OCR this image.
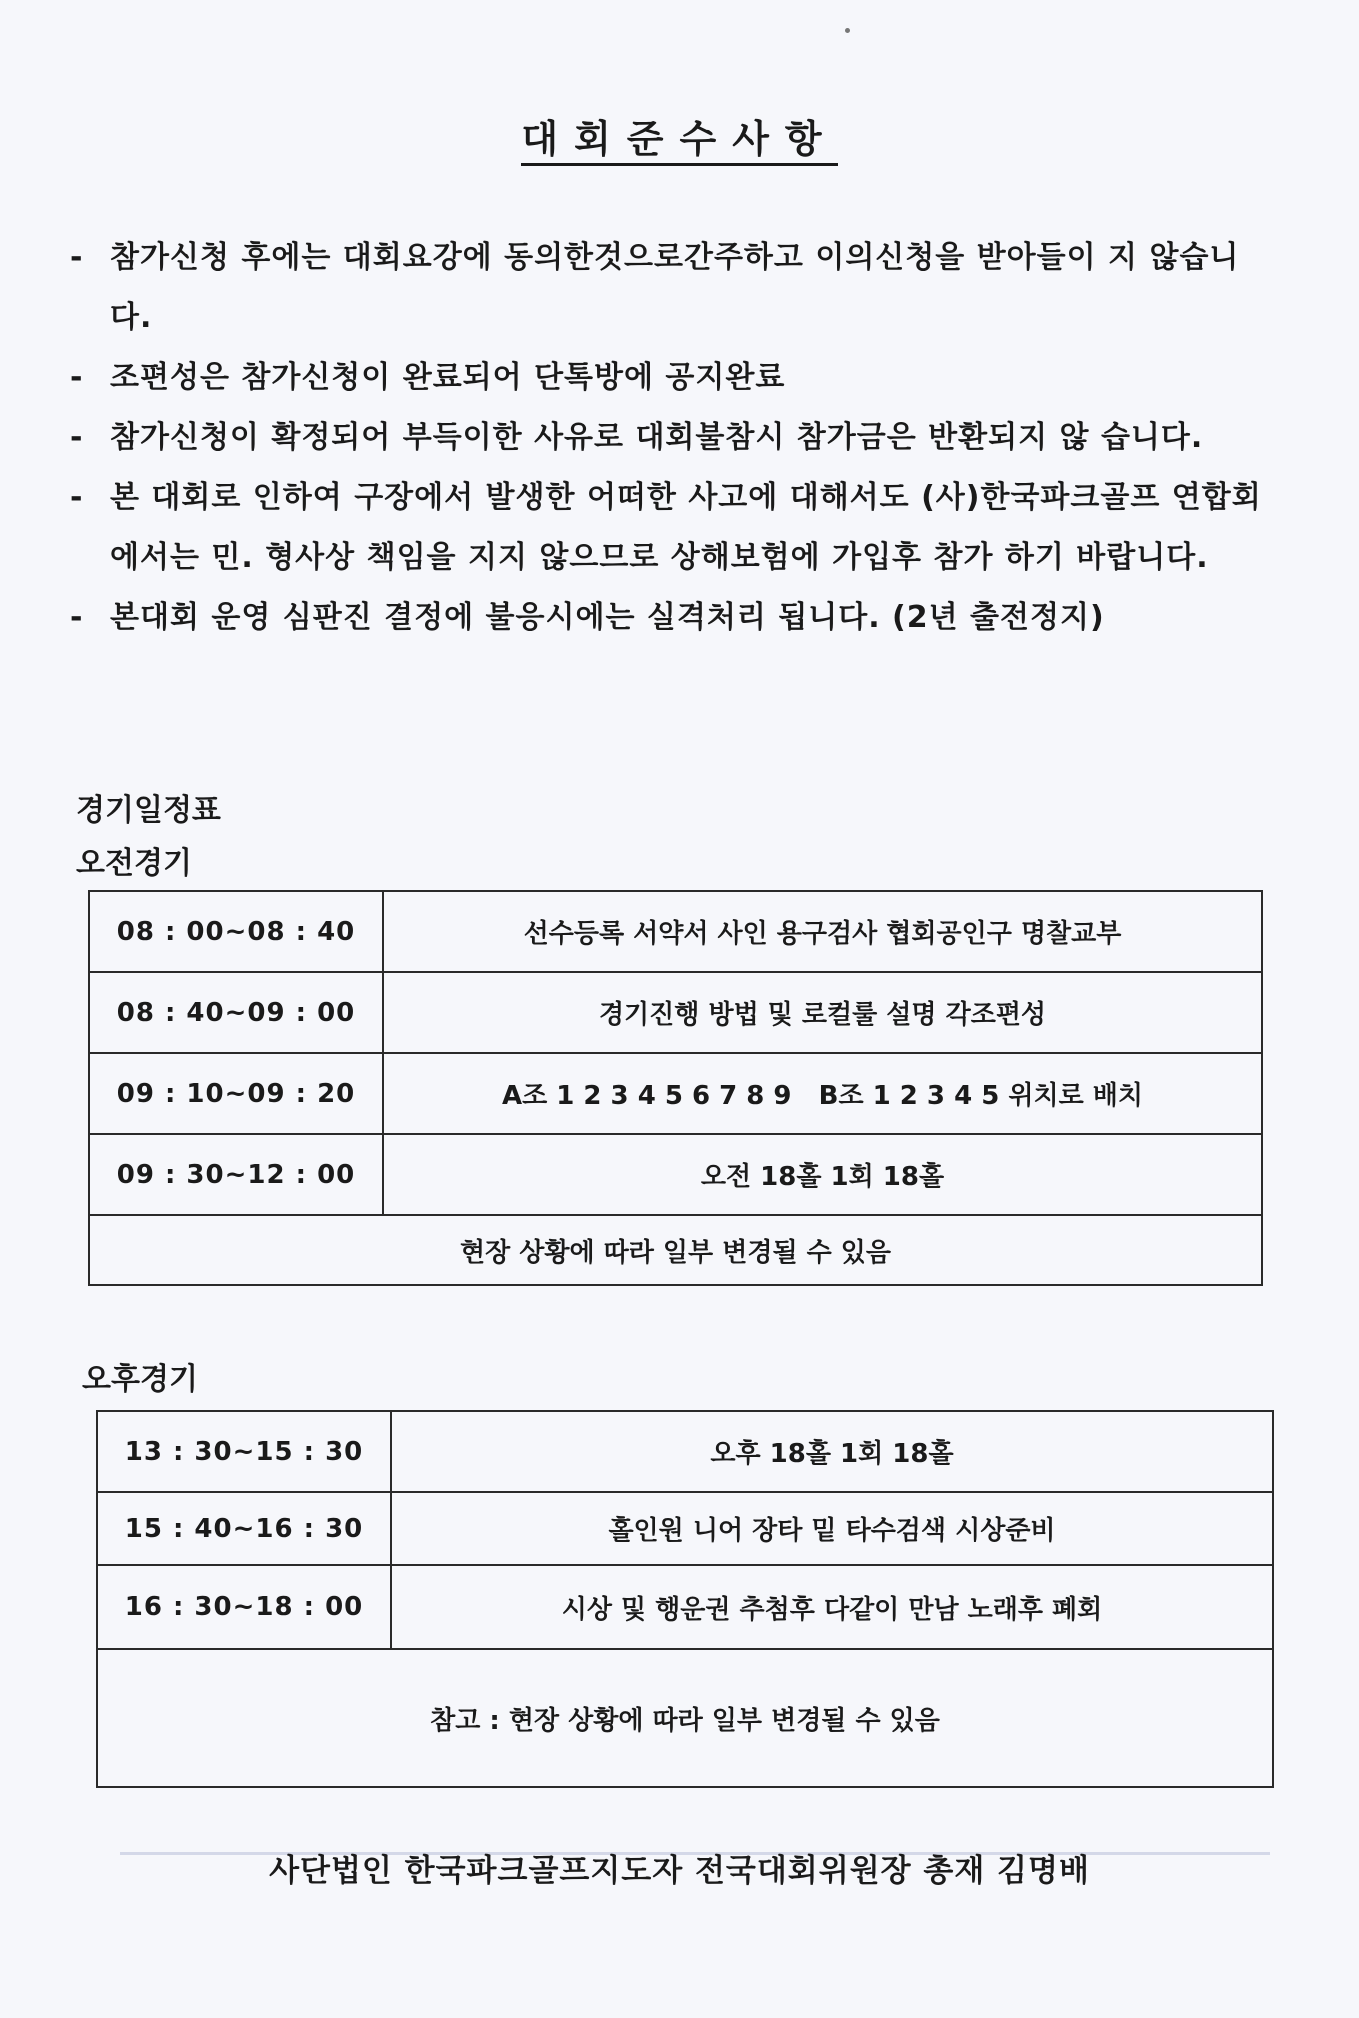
대회준수사항
- 참가신청 후에는 대회요강에 동의한것으로간주하고 이의신청을 받아들이 지 않습니다.
- 조편성은 참가신청이 완료되어 단톡방에 공지완료
- 참가신청이 확정되어 부득이한 사유로 대회불참시 참가금은 반환되지 않 습니다.
- 본 대회로 인하여 구장에서 발생한 어떠한 사고에 대해서도 (사)한국파크골프 연합회에서는 민. 형사상 책임을 지지 않으므로 상해보험에 가입후 참가 하기 바랍니다.
- 본대회 운영 심판진 결정에 불응시에는 실격처리 됩니다. (2년 출전정지)
경기일정표
오전경기
08 : 00~08 : 40	선수등록 서약서 사인 용구검사 협회공인구 명찰교부
08 : 40~09 : 00	경기진행 방법 및 로컬룰 설명 각조편성
09 : 10~09 : 20	A조 1 2 3 4 5 6 7 8 9   B조 1 2 3 4 5 위치로 배치
09 : 30~12 : 00	오전 18홀 1회 18홀
현장 상황에 따라 일부 변경될 수 있음	
오후경기
13 : 30~15 : 30	오후 18홀 1회 18홀
15 : 40~16 : 30	홀인원 니어 장타 밑 타수검색 시상준비
16 : 30~18 : 00	시상 및 행운권 추첨후 다같이 만남 노래후 폐회
참고 : 현장 상황에 따라 일부 변경될 수 있음	
사단법인 한국파크골프지도자 전국대회위원장 총재 김명배
